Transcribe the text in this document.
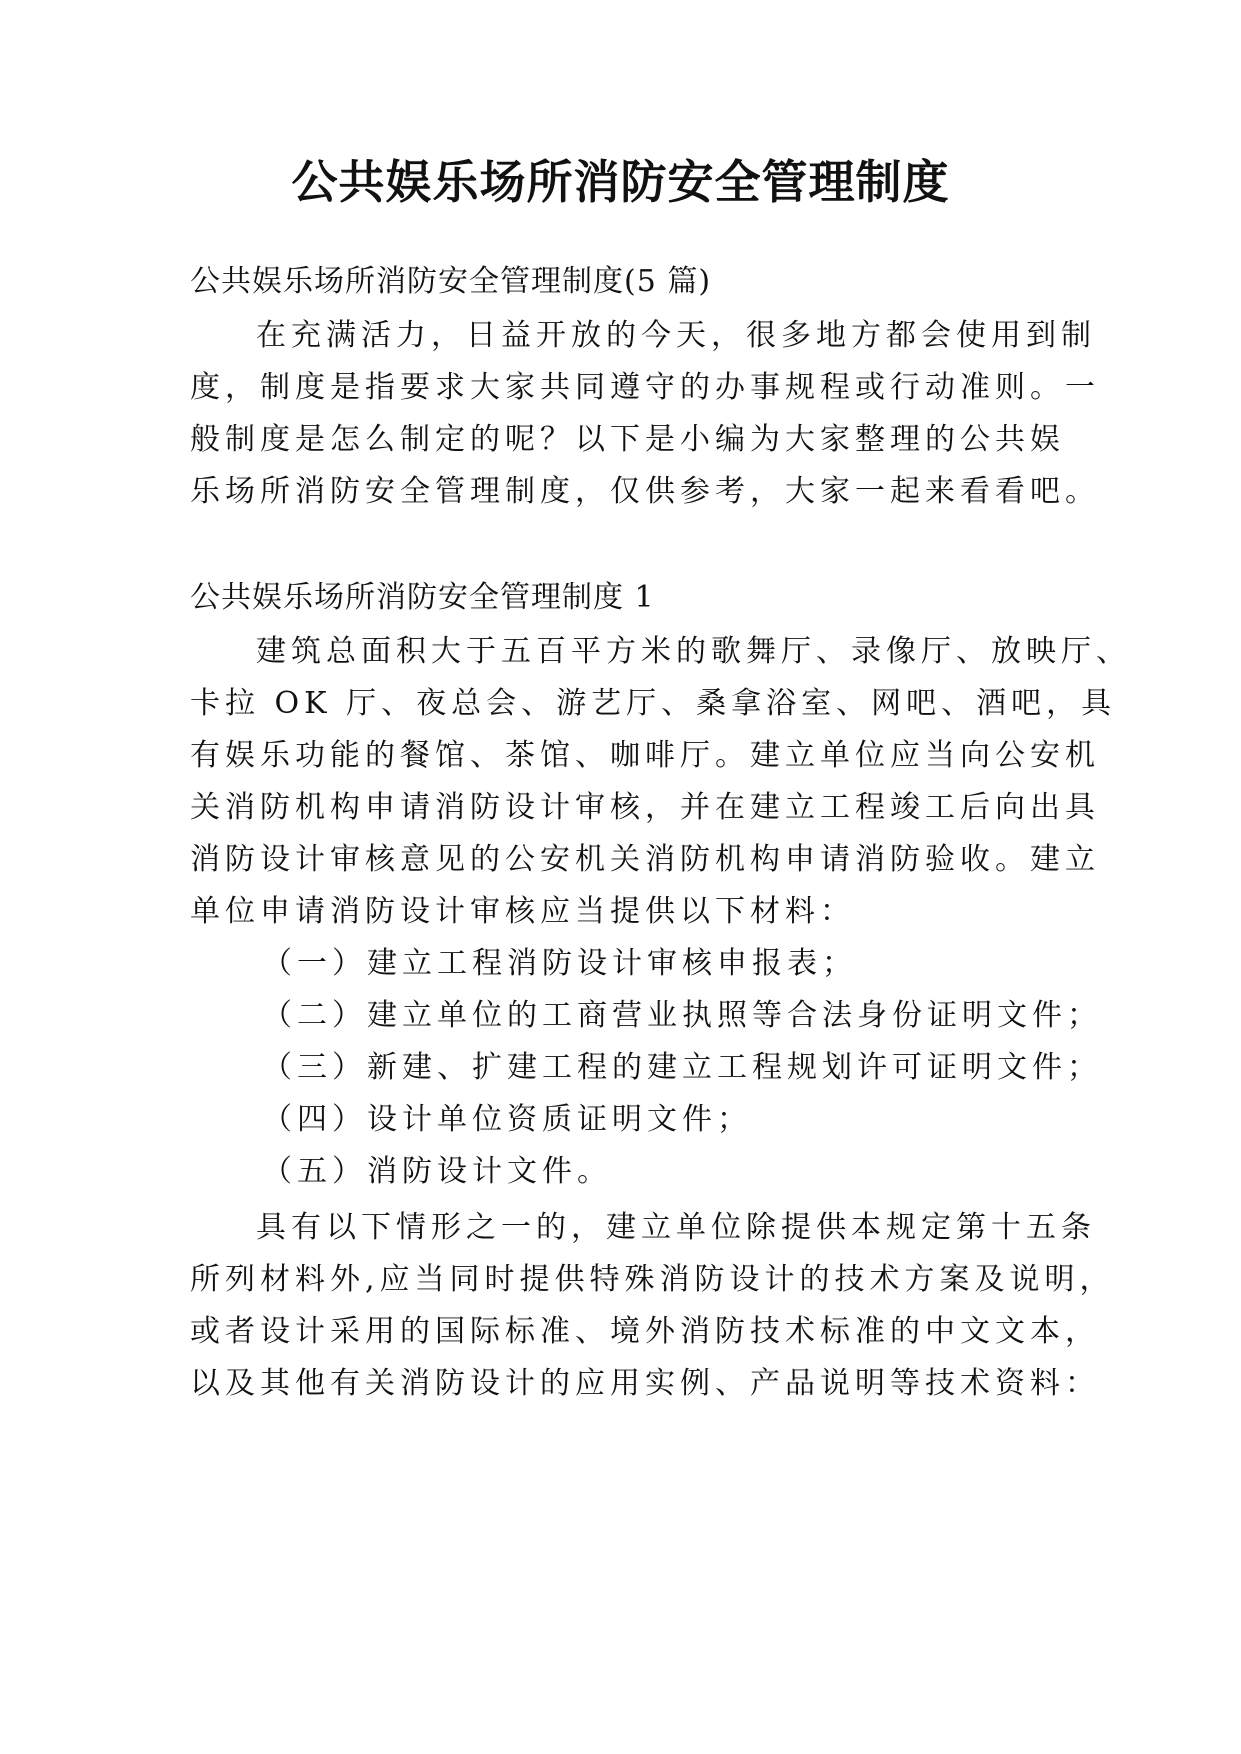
公共娱乐场所消防安全管理制度
公共娱乐场所消防安全管理制度(5 篇)
在充满活力，日益开放的今天，很多地方都会使用到制
度，制度是指要求大家共同遵守的办事规程或行动准则。一
般制度是怎么制定的呢？以下是小编为大家整理的公共娱
乐场所消防安全管理制度，仅供参考，大家一起来看看吧。
公共娱乐场所消防安全管理制度 1
建筑总面积大于五百平方米的歌舞厅、录像厅、放映厅、
卡拉 OK 厅、夜总会、游艺厅、桑拿浴室、网吧、酒吧，具
有娱乐功能的餐馆、茶馆、咖啡厅。建立单位应当向公安机
关消防机构申请消防设计审核，并在建立工程竣工后向出具
消防设计审核意见的公安机关消防机构申请消防验收。建立
单位申请消防设计审核应当提供以下材料：
（一）建立工程消防设计审核申报表；
（二）建立单位的工商营业执照等合法身份证明文件；
（三）新建、扩建工程的建立工程规划许可证明文件；
（四）设计单位资质证明文件；
（五）消防设计文件。
具有以下情形之一的，建立单位除提供本规定第十五条
所列材料外,应当同时提供特殊消防设计的技术方案及说明，
或者设计采用的国际标准、境外消防技术标准的中文文本，
以及其他有关消防设计的应用实例、产品说明等技术资料：
